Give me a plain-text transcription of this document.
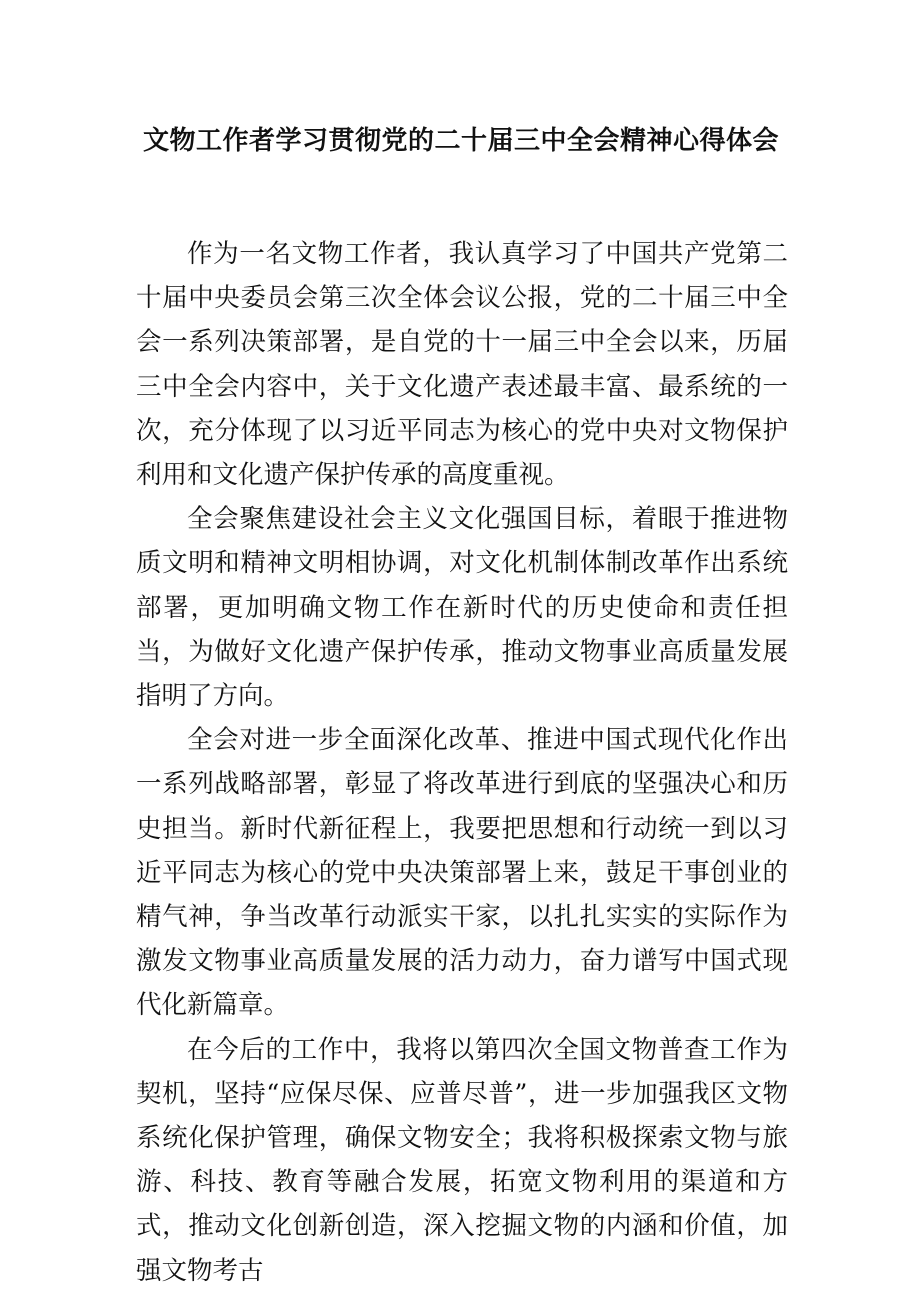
文物工作者学习贯彻党的二十届三中全会精神心得体会

作为一名文物工作者，我认真学习了中国共产党第二十届中央委员会第三次全体会议公报，党的二十届三中全会一系列决策部署，是自党的十一届三中全会以来，历届三中全会内容中，关于文化遗产表述最丰富、最系统的一次，充分体现了以习近平同志为核心的党中央对文物保护利用和文化遗产保护传承的高度重视。

全会聚焦建设社会主义文化强国目标，着眼于推进物质文明和精神文明相协调，对文化机制体制改革作出系统部署，更加明确文物工作在新时代的历史使命和责任担当，为做好文化遗产保护传承，推动文物事业高质量发展指明了方向。

全会对进一步全面深化改革、推进中国式现代化作出一系列战略部署，彰显了将改革进行到底的坚强决心和历史担当。新时代新征程上，我要把思想和行动统一到以习近平同志为核心的党中央决策部署上来，鼓足干事创业的精气神，争当改革行动派实干家，以扎扎实实的实际作为激发文物事业高质量发展的活力动力，奋力谱写中国式现代化新篇章。

在今后的工作中，我将以第四次全国文物普查工作为契机，坚持“应保尽保、应普尽普”，进一步加强我区文物系统化保护管理，确保文物安全；我将积极探索文物与旅游、科技、教育等融合发展，拓宽文物利用的渠道和方式，推动文化创新创造，深入挖掘文物的内涵和价值，加强文物考古
